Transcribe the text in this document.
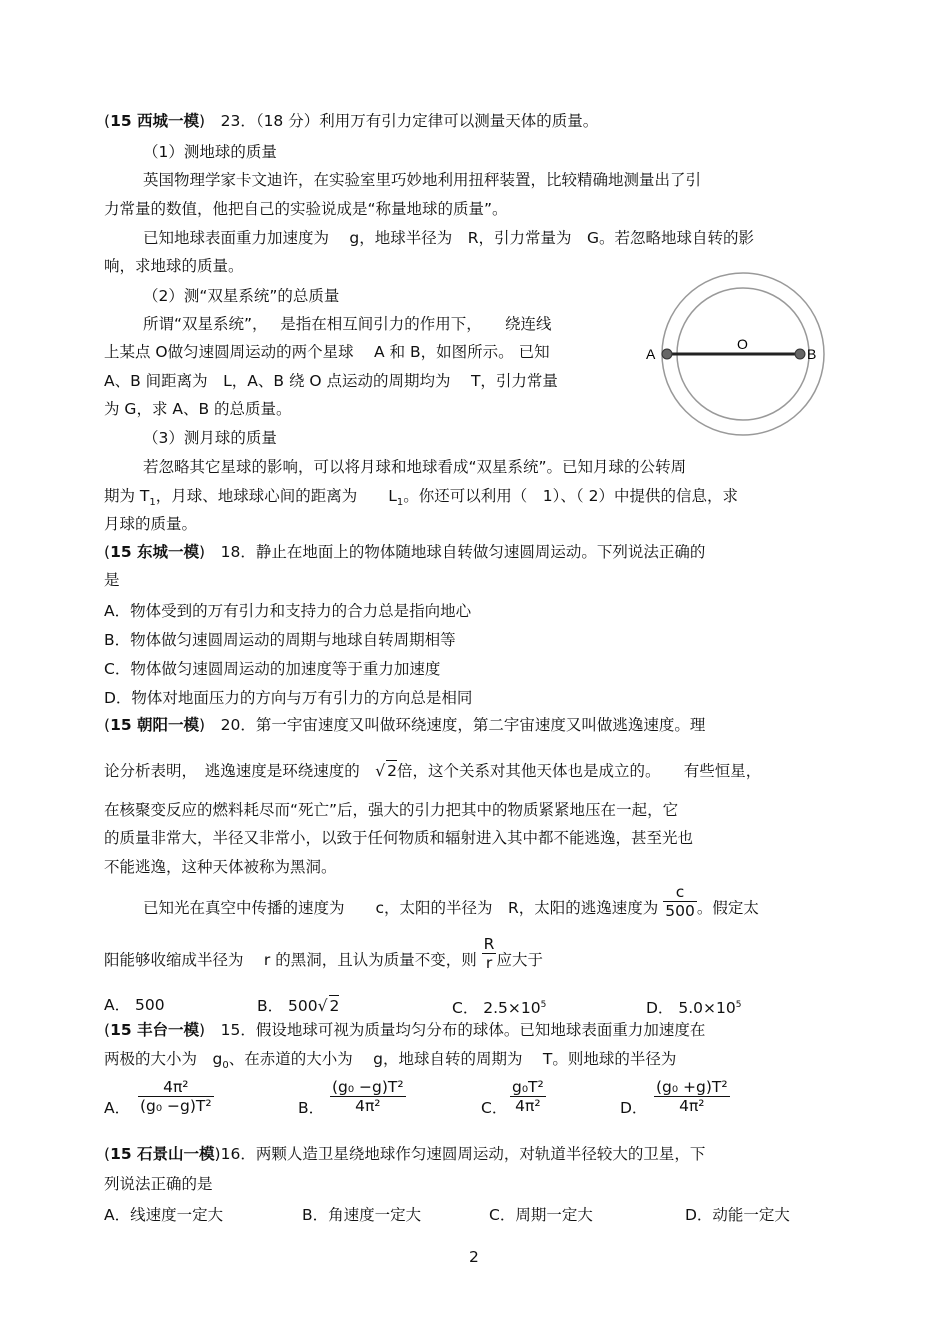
(15 西城一模)　23．（18 分）利用万有引力定律可以测量天体的质量。
（1）测地球的质量
英国物理学家卡文迪许，在实验室里巧妙地利用扭秤装置，比较精确地测量出了引
力常量的数值，他把自己的实验说成是“称量地球的质量”。
已知地球表面重力加速度为　 g，地球半径为　R，引力常量为　G。若忽略地球自转的影
响，求地球的质量。
（2）测“双星系统”的总质量
所谓“双星系统”，　 是指在相互间引力的作用下，　　绕连线
上某点 O做匀速圆周运动的两个星球　 A 和 B，如图所示。 已知
A、B 间距离为　L，A、B 绕 O 点运动的周期均为　 T，引力常量
为 G，求 A、B 的总质量。
（3）测月球的质量
若忽略其它星球的影响，可以将月球和地球看成“双星系统”。已知月球的公转周
期为 $T_1$，月球、地球球心间的距离为　　$L_1$。你还可以利用（　1）、（ 2）中提供的信息，求
月球的质量。
A	B
O
(15 东城一模)　18．静止在地面上的物体随地球自转做匀速圆周运动。下列说法正确的
是
A．物体受到的万有引力和支持力的合力总是指向地心
B．物体做匀速圆周运动的周期与地球自转周期相等
C．物体做匀速圆周运动的加速度等于重力加速度
D．物体对地面压力的方向与万有引力的方向总是相同
(15 朝阳一模)　20．第一宇宙速度又叫做环绕速度，第二宇宙速度又叫做逃逸速度。理
论分析表明，　逃逸速度是环绕速度的　√ 2倍，这个关系对其他天体也是成立的。　　有些恒星，
在核聚变反应的燃料耗尽而“死亡”后，强大的引力把其中的物质紧紧地压在一起，它
的质量非常大，半径又非常小，以致于任何物质和辐射进入其中都不能逃逸，甚至光也
不能逃逸，这种天体被称为黑洞。
已知光在真空中传播的速度为　　c，太阳的半径为　R，太阳的逃逸速度为 $\frac{c}{500}$ 。假定太
阳能够收缩成半径为　 r 的黑洞，且认为质量不变，则 $\frac{R}{r}$ 应大于
A． 500	B． 500√ 2	C． $2.5\times 10^5$	D． $5.0\times 10^5$
(15 丰台一模)　15．假设地球可视为质量均匀分布的球体。已知地球表面重力加速度在
两极的大小为　$g_0$、在赤道的大小为　 g，地球自转的周期为　 T。则地球的半径为
A． $\frac{\text{4π²}}{\text{(g₀ −g)T²}}$	B． $\frac{\text{(g₀ −g)T²}}{\text{4π²}}$	C． $\frac{\text{g₀T²}}{\text{4π²}}$	D． $\frac{\text{(g₀ +g)T²}}{\text{4π²}}$
(15 石景山一模)16．两颗人造卫星绕地球作匀速圆周运动，对轨道半径较大的卫星，下
列说法正确的是
A．线速度一定大	B．角速度一定大	C．周期一定大	D．动能一定大
2
